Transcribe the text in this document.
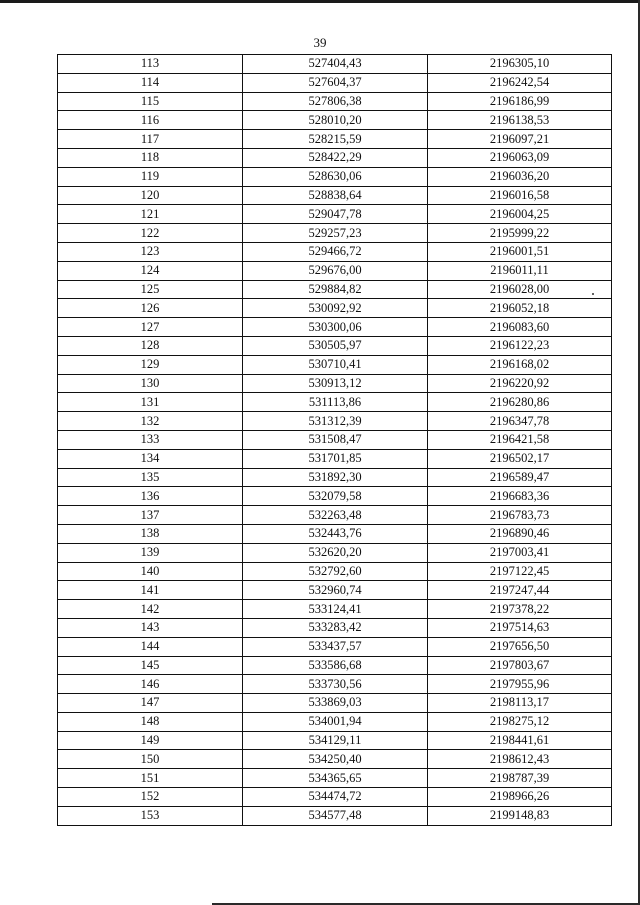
39
113	527404,43	2196305,10
114	527604,37	2196242,54
115	527806,38	2196186,99
116	528010,20	2196138,53
117	528215,59	2196097,21
118	528422,29	2196063,09
119	528630,06	2196036,20
120	528838,64	2196016,58
121	529047,78	2196004,25
122	529257,23	2195999,22
123	529466,72	2196001,51
124	529676,00	2196011,11
125	529884,82	2196028,00
126	530092,92	2196052,18
127	530300,06	2196083,60
128	530505,97	2196122,23
129	530710,41	2196168,02
130	530913,12	2196220,92
131	531113,86	2196280,86
132	531312,39	2196347,78
133	531508,47	2196421,58
134	531701,85	2196502,17
135	531892,30	2196589,47
136	532079,58	2196683,36
137	532263,48	2196783,73
138	532443,76	2196890,46
139	532620,20	2197003,41
140	532792,60	2197122,45
141	532960,74	2197247,44
142	533124,41	2197378,22
143	533283,42	2197514,63
144	533437,57	2197656,50
145	533586,68	2197803,67
146	533730,56	2197955,96
147	533869,03	2198113,17
148	534001,94	2198275,12
149	534129,11	2198441,61
150	534250,40	2198612,43
151	534365,65	2198787,39
152	534474,72	2198966,26
153	534577,48	2199148,83
